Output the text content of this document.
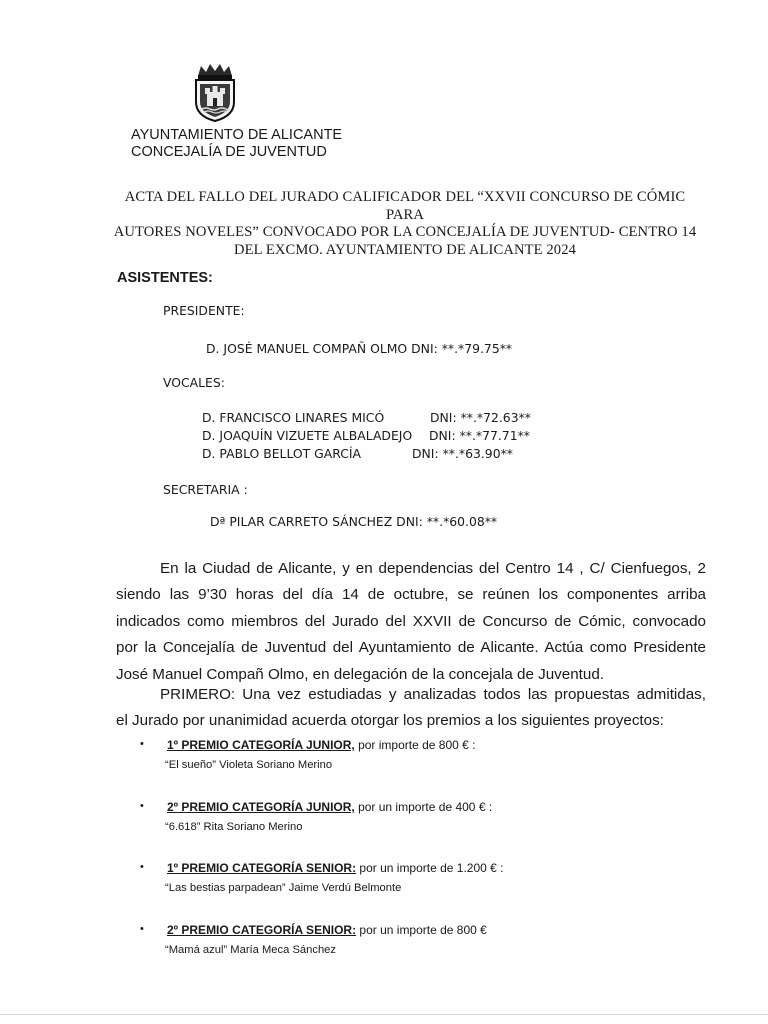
AYUNTAMIENTO DE ALICANTE
CONCEJALÍA DE JUVENTUD
ACTA DEL FALLO DEL JURADO CALIFICADOR DEL “XXVII CONCURSO DE CÓMIC PARA
AUTORES NOVELES” CONVOCADO POR LA CONCEJALÍA DE JUVENTUD- CENTRO 14
DEL EXCMO. AYUNTAMIENTO DE ALICANTE 2024
ASISTENTES:
PRESIDENTE:
D. JOSÉ MANUEL COMPAÑ OLMO DNI: **.*79.75**
VOCALES:
D. FRANCISCO LINARES MICÓ	DNI: **.*72.63**
D. JOAQUÍN VIZUETE ALBALADEJO DNI: **.*77.71**
D. PABLO BELLOT GARCÍA	DNI: **.*63.90**
SECRETARIA :
Dª PILAR CARRETO SÁNCHEZ DNI: **.*60.08**
En la Ciudad de Alicante, y en dependencias del Centro 14 , C/ Cienfuegos, 2
siendo las 9’30 horas del día 14 de octubre, se reúnen los componentes arriba
indicados como miembros del Jurado del XXVII de Concurso de Cómic, convocado
por la Concejalía de Juventud del Ayuntamiento de Alicante. Actúa como Presidente
José Manuel Compañ Olmo, en delegación de la concejala de Juventud.
PRIMERO: Una vez estudiadas y analizadas todos las propuestas admitidas,
el Jurado por unanimidad acuerda otorgar los premios a los siguientes proyectos:
• 1º PREMIO CATEGORÍA JUNIOR, por importe de 800 € :
“El sueño” Violeta Soriano Merino
• 2º PREMIO CATEGORÍA JUNIOR, por un importe de 400 € :
“6.618” Rita Soriano Merino
• 1º PREMIO CATEGORÍA SENIOR: por un importe de 1.200 € :
“Las bestias parpadean” Jaime Verdú Belmonte
• 2º PREMIO CATEGORÍA SENIOR: por un importe de 800 €
“Mamá azul” María Meca Sánchez
